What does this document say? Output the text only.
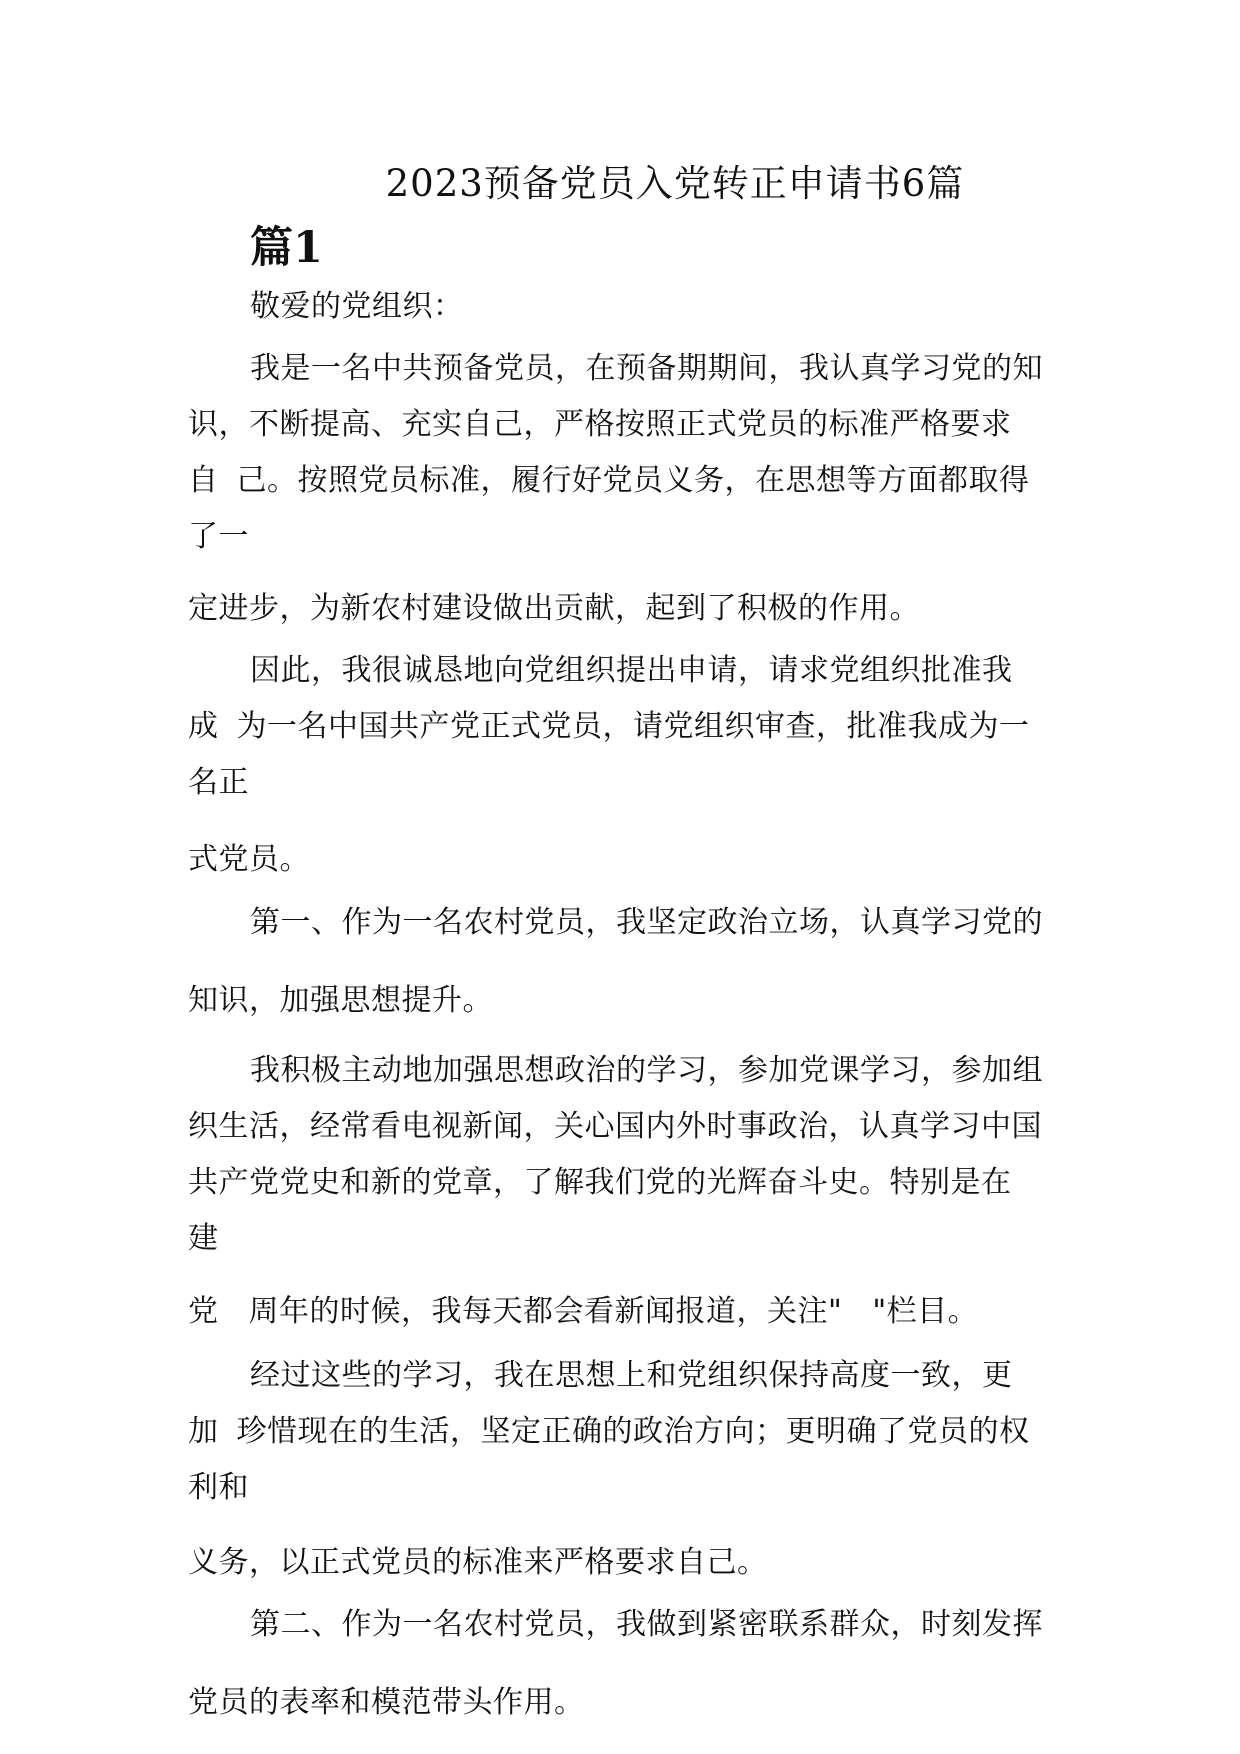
2023预备党员入党转正申请书6篇
篇1
敬爱的党组织：
我是一名中共预备党员，在预备期期间，我认真学习党的知
识，不断提高、充实自己，严格按照正式党员的标准严格要求
自 己。按照党员标准，履行好党员义务，在思想等方面都取得
了一
定进步，为新农村建设做出贡献，起到了积极的作用。
因此，我很诚恳地向党组织提出申请，请求党组织批准我
成 为一名中国共产党正式党员，请党组织审查，批准我成为一
名正
式党员。
第一、作为一名农村党员，我坚定政治立场，认真学习党的
知识，加强思想提升。
我积极主动地加强思想政治的学习，参加党课学习，参加组
织生活，经常看电视新闻，关心国内外时事政治，认真学习中国
共产党党史和新的党章，了解我们党的光辉奋斗史。特别是在
建
党 周年的时候，我每天都会看新闻报道，关注" "栏目。
经过这些的学习，我在思想上和党组织保持高度一致，更
加 珍惜现在的生活，坚定正确的政治方向；更明确了党员的权
利和
义务，以正式党员的标准来严格要求自己。
第二、作为一名农村党员，我做到紧密联系群众，时刻发挥
党员的表率和模范带头作用。
